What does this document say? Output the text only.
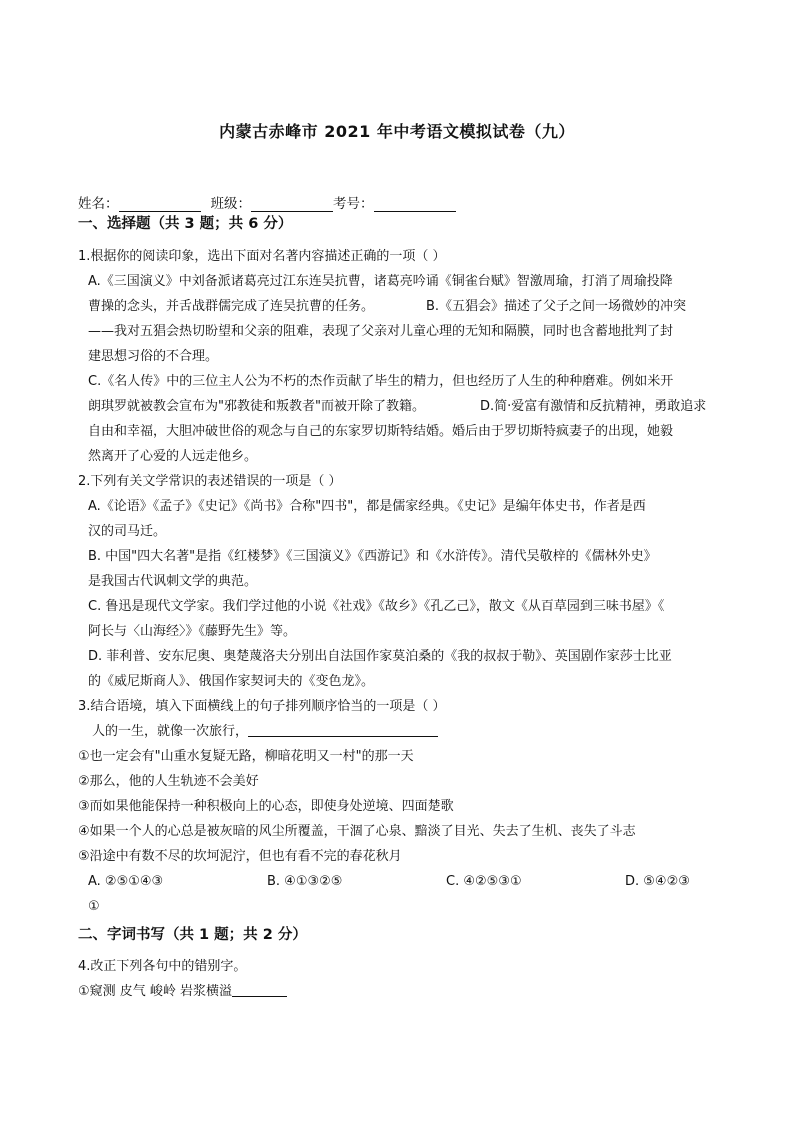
内蒙古赤峰市 2021 年中考语文模拟试卷（九）
姓名：	班级：	考号：
一、选择题（共 3 题；共 6 分）
1.根据你的阅读印象，选出下面对名著内容描述正确的一项（ ）
A.《三国演义》中刘备派诸葛亮过江东连吴抗曹，诸葛亮吟诵《铜雀台赋》智激周瑜，打消了周瑜投降
曹操的念头，并舌战群儒完成了连吴抗曹的任务。	B.《五猖会》描述了父子之间一场微妙的冲突
——我对五猖会热切盼望和父亲的阻难，表现了父亲对儿童心理的无知和隔膜，同时也含蓄地批判了封
建思想习俗的不合理。
C.《名人传》中的三位主人公为不朽的杰作贡献了毕生的精力，但也经历了人生的种种磨难。例如米开
朗琪罗就被教会宣布为"邪教徒和叛教者"而被开除了教籍。	D.简·爱富有激情和反抗精神，勇敢追求
自由和幸福，大胆冲破世俗的观念与自己的东家罗切斯特结婚。婚后由于罗切斯特疯妻子的出现，她毅
然离开了心爱的人远走他乡。
2.下列有关文学常识的表述错误的一项是（ ）
A.《论语》《孟子》《史记》《尚书》合称"四书"，都是儒家经典。《史记》是编年体史书，作者是西
汉的司马迁。
B. 中国"四大名著"是指《红楼梦》《三国演义》《西游记》和《水浒传》。清代吴敬梓的《儒林外史》
是我国古代讽刺文学的典范。
C. 鲁迅是现代文学家。我们学过他的小说《社戏》《故乡》《孔乙己》，散文《从百草园到三味书屋》《
阿长与〈山海经〉》《藤野先生》等。
D. 菲利普、安东尼奥、奥楚蔑洛夫分别出自法国作家莫泊桑的《我的叔叔于勒》、英国剧作家莎士比亚
的《威尼斯商人》、俄国作家契诃夫的《变色龙》。
3.结合语境，填入下面横线上的句子排列顺序恰当的一项是（ ）
人的一生，就像一次旅行，
①也一定会有"山重水复疑无路，柳暗花明又一村"的那一天
②那么，他的人生轨迹不会美好
③而如果他能保持一种积极向上的心态，即使身处逆境、四面楚歌
④如果一个人的心总是被灰暗的风尘所覆盖，干涸了心泉、黯淡了目光、失去了生机、丧失了斗志
⑤沿途中有数不尽的坎坷泥泞，但也有看不完的春花秋月
A. ②⑤①④③	B. ④①③②⑤	C. ④②⑤③①	D. ⑤④②③
①
二、字词书写（共 1 题；共 2 分）
4.改正下列各句中的错别字。
①窥测 皮气 峻岭 岩浆横溢
